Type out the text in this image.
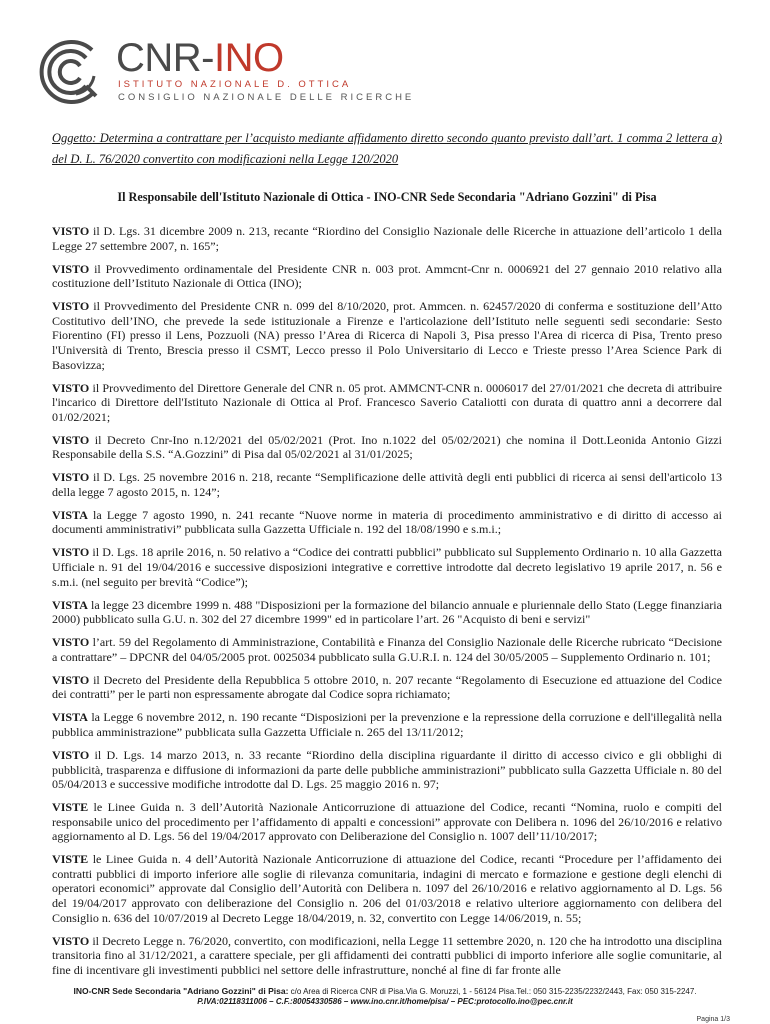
CNR-INO
ISTITUTO NAZIONALE D. OTTICA
CONSIGLIO NAZIONALE DELLE RICERCHE
Oggetto: Determina a contrattare per l’acquisto mediante affidamento diretto secondo quanto previsto dall’art. 1 comma 2 lettera a) del D. L. 76/2020 convertito con modificazioni nella Legge 120/2020
Il Responsabile dell'Istituto Nazionale di Ottica - INO-CNR Sede Secondaria "Adriano Gozzini" di Pisa

VISTO il D. Lgs. 31 dicembre 2009 n. 213, recante “Riordino del Consiglio Nazionale delle Ricerche in attuazione dell’articolo 1 della Legge 27 settembre 2007, n. 165”;

VISTO il Provvedimento ordinamentale del Presidente CNR n. 003 prot. Ammcnt-Cnr n. 0006921 del 27 gennaio 2010 relativo alla costituzione dell’Istituto Nazionale di Ottica (INO);

VISTO il Provvedimento del Presidente CNR n. 099 del 8/10/2020, prot. Ammcen. n. 62457/2020 di conferma e sostituzione dell’Atto Costitutivo dell’INO, che prevede la sede istituzionale a Firenze e l'articolazione dell’Istituto nelle seguenti sedi secondarie: Sesto Fiorentino (FI) presso il Lens, Pozzuoli (NA) presso l’Area di Ricerca di Napoli 3, Pisa presso l'Area di ricerca di Pisa, Trento preso l'Università di Trento, Brescia presso il CSMT, Lecco presso il Polo Universitario di Lecco e Trieste presso l’Area Science Park di Basovizza;

VISTO il Provvedimento del Direttore Generale del CNR n. 05 prot. AMMCNT-CNR n. 0006017 del 27/01/2021 che decreta di attribuire l'incarico di Direttore dell'Istituto Nazionale di Ottica al Prof. Francesco Saverio Cataliotti con durata di quattro anni a decorrere dal 01/02/2021;

VISTO il Decreto Cnr-Ino n.12/2021 del 05/02/2021 (Prot. Ino n.1022 del 05/02/2021) che nomina il Dott.Leonida Antonio Gizzi Responsabile della S.S. “A.Gozzini” di Pisa dal 05/02/2021 al 31/01/2025;

VISTO il D. Lgs. 25 novembre 2016 n. 218, recante “Semplificazione delle attività degli enti pubblici di ricerca ai sensi dell'articolo 13 della legge 7 agosto 2015, n. 124”;

VISTA la Legge 7 agosto 1990, n. 241 recante “Nuove norme in materia di procedimento amministrativo e di diritto di accesso ai documenti amministrativi” pubblicata sulla Gazzetta Ufficiale n. 192 del 18/08/1990 e s.m.i.;

VISTO il D. Lgs. 18 aprile 2016, n. 50 relativo a “Codice dei contratti pubblici” pubblicato sul Supplemento Ordinario n. 10 alla Gazzetta Ufficiale n. 91 del 19/04/2016 e successive disposizioni integrative e correttive introdotte dal decreto legislativo 19 aprile 2017, n. 56 e s.m.i. (nel seguito per brevità “Codice”);

VISTA la legge 23 dicembre 1999 n. 488 "Disposizioni per la formazione del bilancio annuale e pluriennale dello Stato (Legge finanziaria 2000) pubblicato sulla G.U. n. 302 del 27 dicembre 1999" ed in particolare l’art. 26 "Acquisto di beni e servizi"

VISTO l’art. 59 del Regolamento di Amministrazione, Contabilità e Finanza del Consiglio Nazionale delle Ricerche rubricato “Decisione a contrattare” – DPCNR del 04/05/2005 prot. 0025034 pubblicato sulla G.U.R.I. n. 124 del 30/05/2005 – Supplemento Ordinario n. 101;

VISTO il Decreto del Presidente della Repubblica 5 ottobre 2010, n. 207 recante “Regolamento di Esecuzione ed attuazione del Codice dei contratti” per le parti non espressamente abrogate dal Codice sopra richiamato;

VISTA la Legge 6 novembre 2012, n. 190 recante “Disposizioni per la prevenzione e la repressione della corruzione e dell'illegalità nella pubblica amministrazione” pubblicata sulla Gazzetta Ufficiale n. 265 del 13/11/2012;

VISTO il D. Lgs. 14 marzo 2013, n. 33 recante “Riordino della disciplina riguardante il diritto di accesso civico e gli obblighi di pubblicità, trasparenza e diffusione di informazioni da parte delle pubbliche amministrazioni” pubblicato sulla Gazzetta Ufficiale n. 80 del 05/04/2013 e successive modifiche introdotte dal D. Lgs. 25 maggio 2016 n. 97;

VISTE le Linee Guida n. 3 dell’Autorità Nazionale Anticorruzione di attuazione del Codice, recanti “Nomina, ruolo e compiti del responsabile unico del procedimento per l’affidamento di appalti e concessioni” approvate con Delibera n. 1096 del 26/10/2016 e relativo aggiornamento al D. Lgs. 56 del 19/04/2017 approvato con Deliberazione del Consiglio n. 1007 dell’11/10/2017;

VISTE le Linee Guida n. 4 dell’Autorità Nazionale Anticorruzione di attuazione del Codice, recanti “Procedure per l’affidamento dei contratti pubblici di importo inferiore alle soglie di rilevanza comunitaria, indagini di mercato e formazione e gestione degli elenchi di operatori economici” approvate dal Consiglio dell’Autorità con Delibera n. 1097 del 26/10/2016 e relativo aggiornamento al D. Lgs. 56 del 19/04/2017 approvato con deliberazione del Consiglio n. 206 del 01/03/2018 e relativo ulteriore aggiornamento con delibera del Consiglio n. 636 del 10/07/2019 al Decreto Legge 18/04/2019, n. 32, convertito con Legge 14/06/2019, n. 55;

VISTO il Decreto Legge n. 76/2020, convertito, con modificazioni, nella Legge 11 settembre 2020, n. 120 che ha introdotto una disciplina transitoria fino al 31/12/2021, a carattere speciale, per gli affidamenti dei contratti pubblici di importo inferiore alle soglie comunitarie, al fine di incentivare gli investimenti pubblici nel settore delle infrastrutture, nonché al fine di far fronte alle

INO-CNR Sede Secondaria "Adriano Gozzini" di Pisa: c/o Area di Ricerca CNR di Pisa.Via G. Moruzzi, 1 - 56124 Pisa.Tel.: 050 315-2235/2232/2443, Fax: 050 315-2247.
P.IVA:02118311006 – C.F.:80054330586 – www.ino.cnr.it/home/pisa/ – PEC:protocollo.ino@pec.cnr.it
Pagina 1/3
